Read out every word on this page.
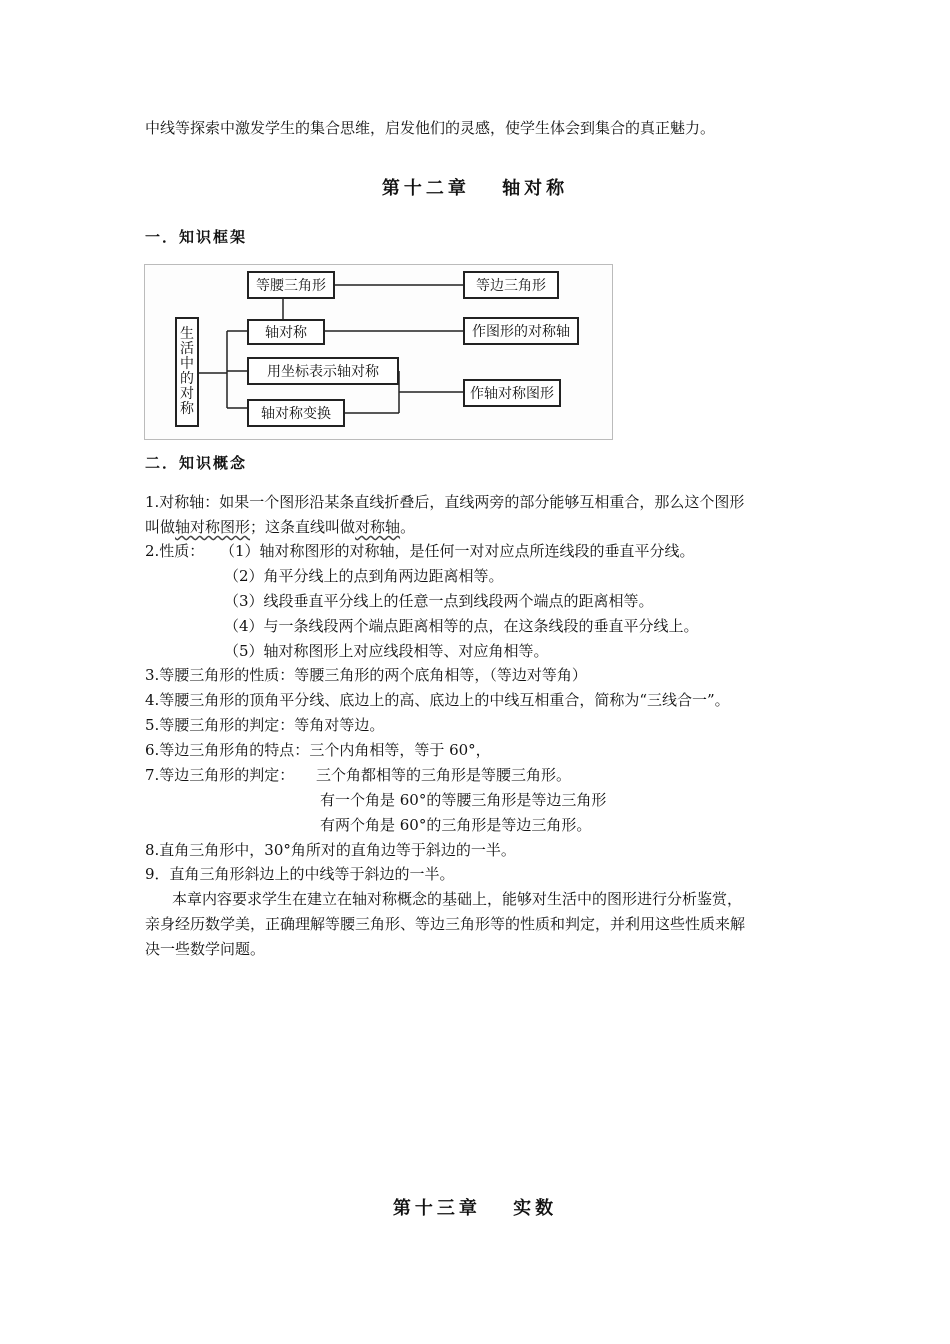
中线等探索中激发学生的集合思维，启发他们的灵感，使学生体会到集合的真正魅力。
第十二章　 轴对称
一．知识框架
生活中的对称
等腰三角形	等边三角形
轴对称	作图形的对称轴
用坐标表示轴对称
作轴对称图形
轴对称变换
二．知识概念
1.对称轴：如果一个图形沿某条直线折叠后，直线两旁的部分能够互相重合，那么这个图形
叫做轴对称图形；这条直线叫做对称轴。
2.性质： （1）轴对称图形的对称轴，是任何一对对应点所连线段的垂直平分线。
（2）角平分线上的点到角两边距离相等。
（3）线段垂直平分线上的任意一点到线段两个端点的距离相等。
（4）与一条线段两个端点距离相等的点，在这条线段的垂直平分线上。
（5）轴对称图形上对应线段相等、对应角相等。
3.等腰三角形的性质：等腰三角形的两个底角相等，（等边对等角）
4.等腰三角形的顶角平分线、底边上的高、底边上的中线互相重合，简称为“三线合一”。
5.等腰三角形的判定：等角对等边。
6.等边三角形角的特点：三个内角相等，等于 60°，
7.等边三角形的判定： 三个角都相等的三角形是等腰三角形。
有一个角是 60°的等腰三角形是等边三角形
有两个角是 60°的三角形是等边三角形。
8.直角三角形中，30°角所对的直角边等于斜边的一半。
9．直角三角形斜边上的中线等于斜边的一半。
本章内容要求学生在建立在轴对称概念的基础上，能够对生活中的图形进行分析鉴赏，
亲身经历数学美，正确理解等腰三角形、等边三角形等的性质和判定，并利用这些性质来解
决一些数学问题。
第十三章　 实数
